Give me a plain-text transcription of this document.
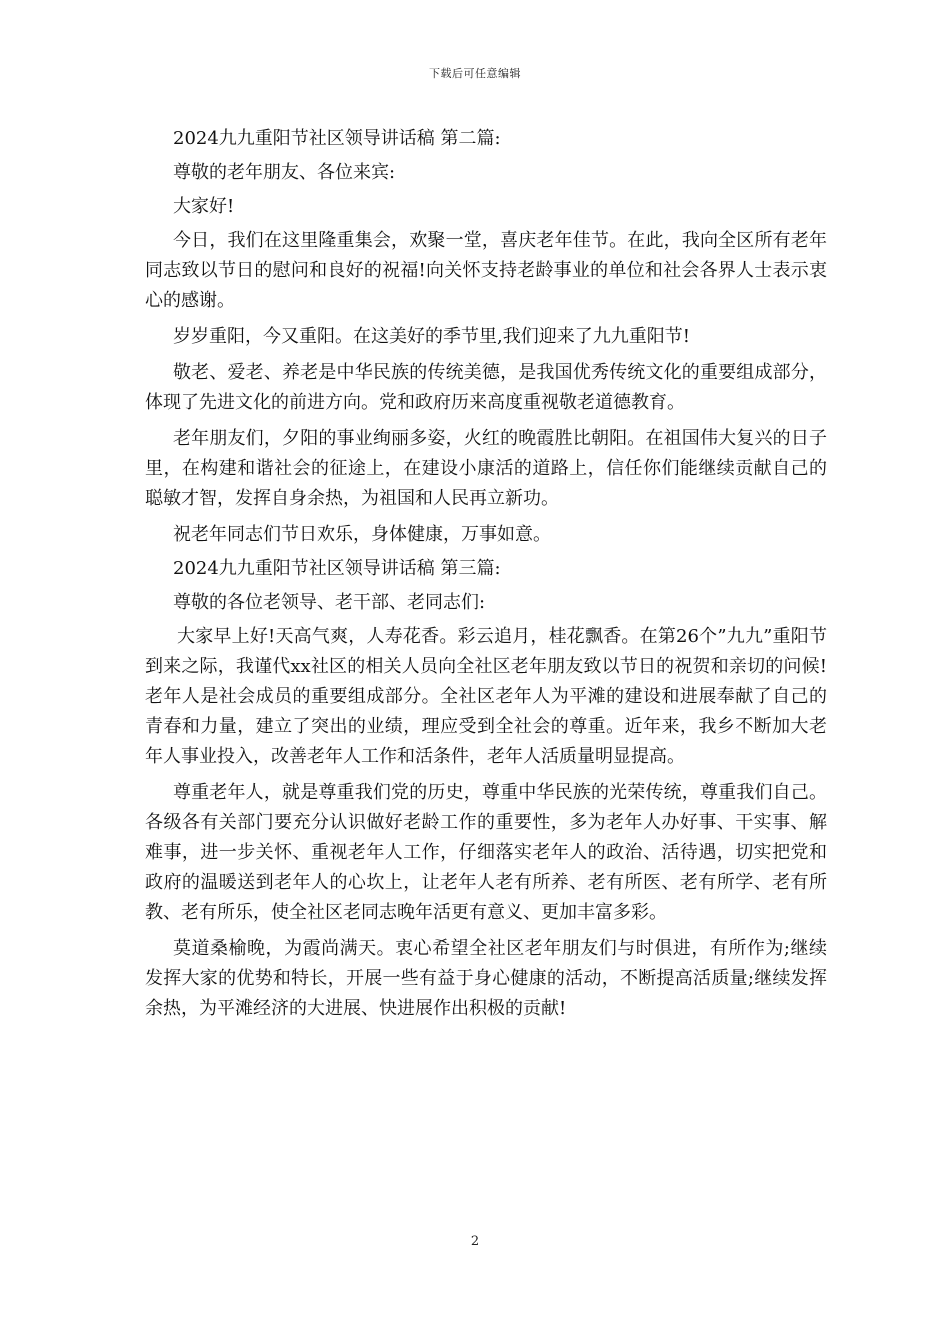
下载后可任意编辑

2024九九重阳节社区领导讲话稿 第二篇:

尊敬的老年朋友、各位来宾:

大家好!

今日，我们在这里隆重集会，欢聚一堂，喜庆老年佳节。在此，我向全区所有老年同志致以节日的慰问和良好的祝福!向关怀支持老龄事业的单位和社会各界人士表示衷心的感谢。

岁岁重阳，今又重阳。在这美好的季节里,我们迎来了九九重阳节!

敬老、爱老、养老是中华民族的传统美德，是我国优秀传统文化的重要组成部分，体现了先进文化的前进方向。党和政府历来高度重视敬老道德教育。

老年朋友们，夕阳的事业绚丽多姿，火红的晚霞胜比朝阳。在祖国伟大复兴的日子里，在构建和谐社会的征途上，在建设小康活的道路上，信任你们能继续贡献自己的聪敏才智，发挥自身余热，为祖国和人民再立新功。

祝老年同志们节日欢乐，身体健康，万事如意。

2024九九重阳节社区领导讲话稿 第三篇:

尊敬的各位老领导、老干部、老同志们:

大家早上好!天高气爽，人寿花香。彩云追月，桂花飘香。在第26个”九九”重阳节到来之际，我谨代xx社区的相关人员向全社区老年朋友致以节日的祝贺和亲切的问候! 老年人是社会成员的重要组成部分。全社区老年人为平滩的建设和进展奉献了自己的青春和力量，建立了突出的业绩，理应受到全社会的尊重。近年来，我乡不断加大老年人事业投入，改善老年人工作和活条件，老年人活质量明显提高。

尊重老年人，就是尊重我们党的历史，尊重中华民族的光荣传统，尊重我们自己。各级各有关部门要充分认识做好老龄工作的重要性，多为老年人办好事、干实事、解难事，进一步关怀、重视老年人工作，仔细落实老年人的政治、活待遇，切实把党和政府的温暖送到老年人的心坎上，让老年人老有所养、老有所医、老有所学、老有所教、老有所乐，使全社区老同志晚年活更有意义、更加丰富多彩。

莫道桑榆晚，为霞尚满天。衷心希望全社区老年朋友们与时俱进，有所作为;继续发挥大家的优势和特长，开展一些有益于身心健康的活动，不断提高活质量;继续发挥余热，为平滩经济的大进展、快进展作出积极的贡献!

2
